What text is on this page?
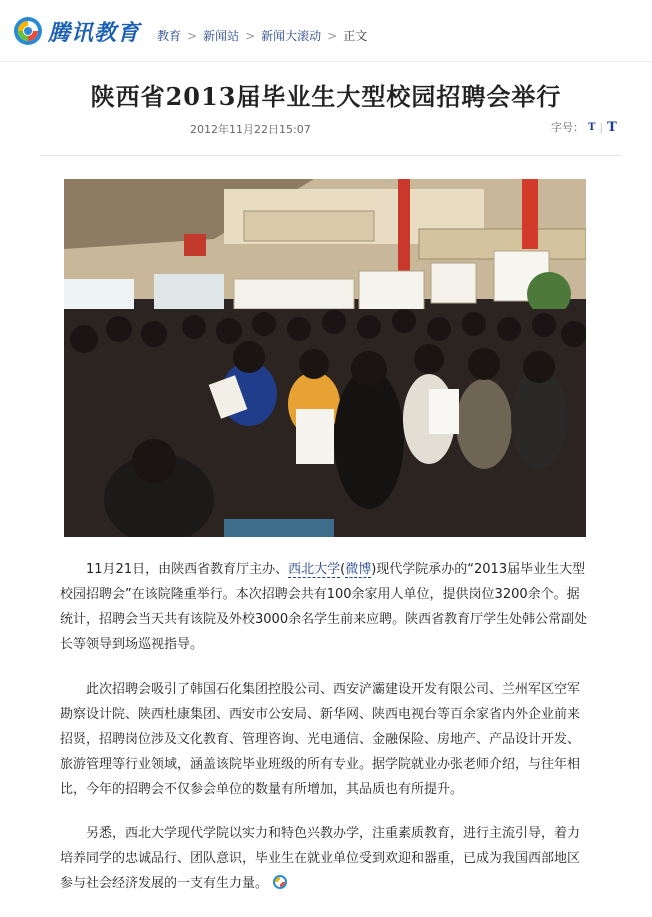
腾讯教育 教育 > 新闻站 > 新闻大滚动 > 正文
陕西省2013届毕业生大型校园招聘会举行
2012年11月22日15:07	字号： T | T

11月21日，由陕西省教育厅主办、西北大学(微博)现代学院承办的“2013届毕业生大型校园招聘会”在该院隆重举行。本次招聘会共有100余家用人单位，提供岗位3200余个。据统计，招聘会当天共有该院及外校3000余名学生前来应聘。陕西省教育厅学生处韩公常副处长等领导到场巡视指导。

此次招聘会吸引了韩国石化集团控股公司、西安浐灞建设开发有限公司、兰州军区空军勘察设计院、陕西杜康集团、西安市公安局、新华网、陕西电视台等百余家省内外企业前来招贤，招聘岗位涉及文化教育、管理咨询、光电通信、金融保险、房地产、产品设计开发、旅游管理等行业领域，涵盖该院毕业班级的所有专业。据学院就业办张老师介绍，与往年相比，今年的招聘会不仅参会单位的数量有所增加，其品质也有所提升。

另悉，西北大学现代学院以实力和特色兴教办学，注重素质教育，进行主流引导，着力培养同学的忠诚品行、团队意识，毕业生在就业单位受到欢迎和器重，已成为我国西部地区参与社会经济发展的一支有生力量。
